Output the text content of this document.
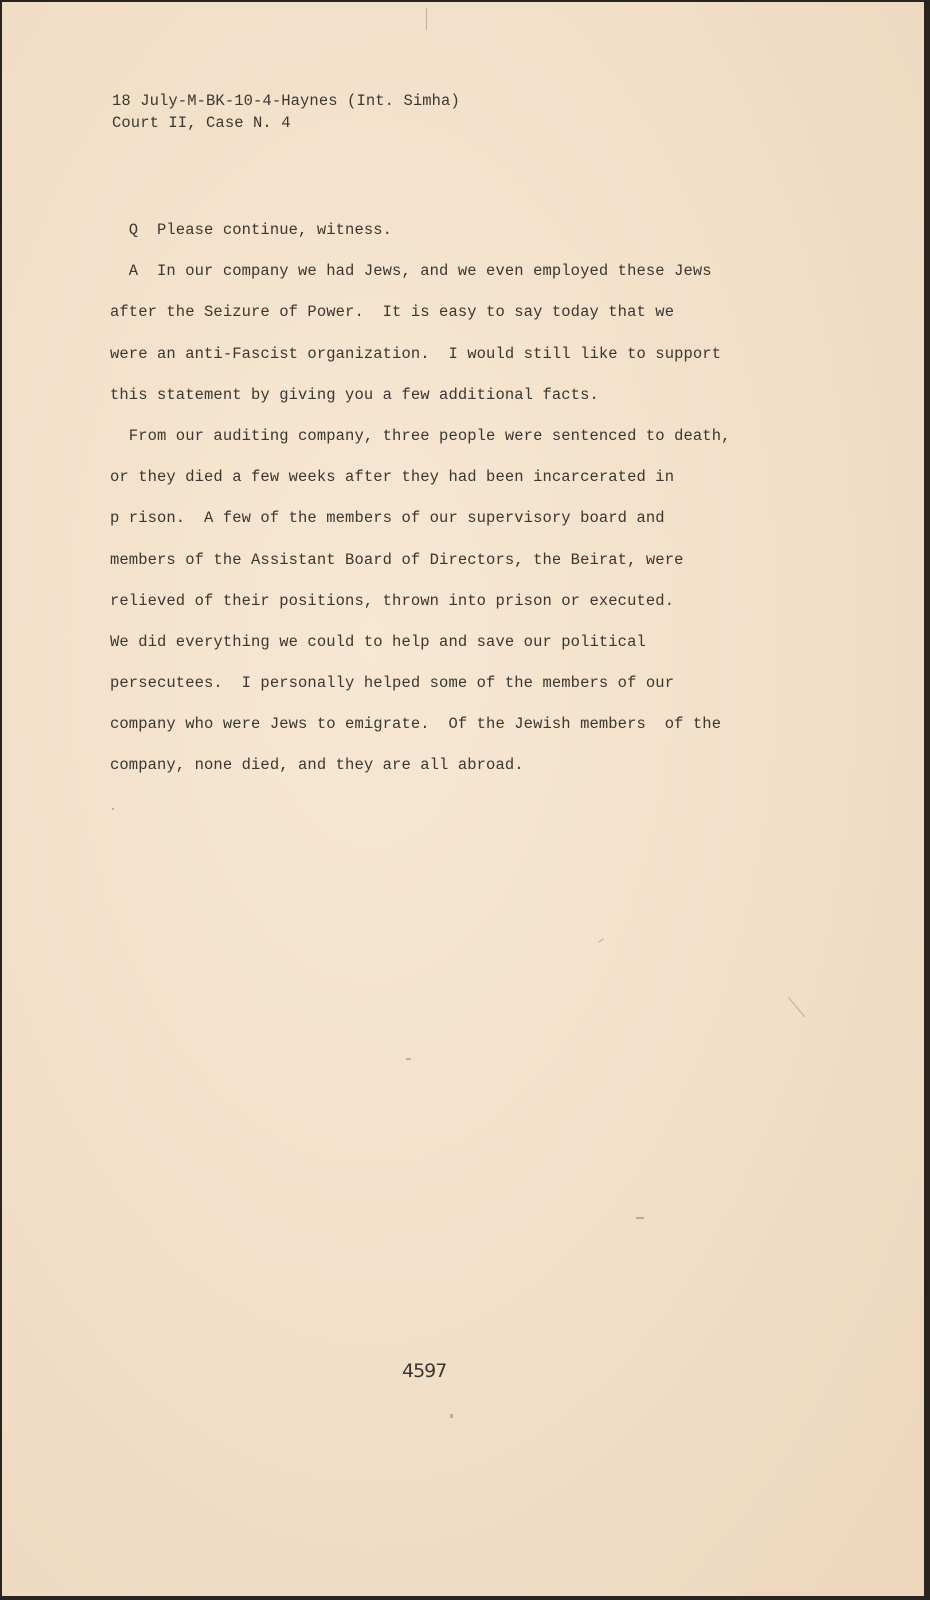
18 July-M-BK-10-4-Haynes (Int. Simha)
Court II, Case N. 4
Q  Please continue, witness.
A  In our company we had Jews, and we even employed these Jews
after the Seizure of Power.  It is easy to say today that we
were an anti-Fascist organization.  I would still like to support
this statement by giving you a few additional facts.
From our auditing company, three people were sentenced to death,
or they died a few weeks after they had been incarcerated in
p rison.  A few of the members of our supervisory board and
members of the Assistant Board of Directors, the Beirat, were
relieved of their positions, thrown into prison or executed.
We did everything we could to help and save our political
persecutees.  I personally helped some of the members of our
company who were Jews to emigrate.  Of the Jewish members  of the
company, none died, and they are all abroad.
4597
